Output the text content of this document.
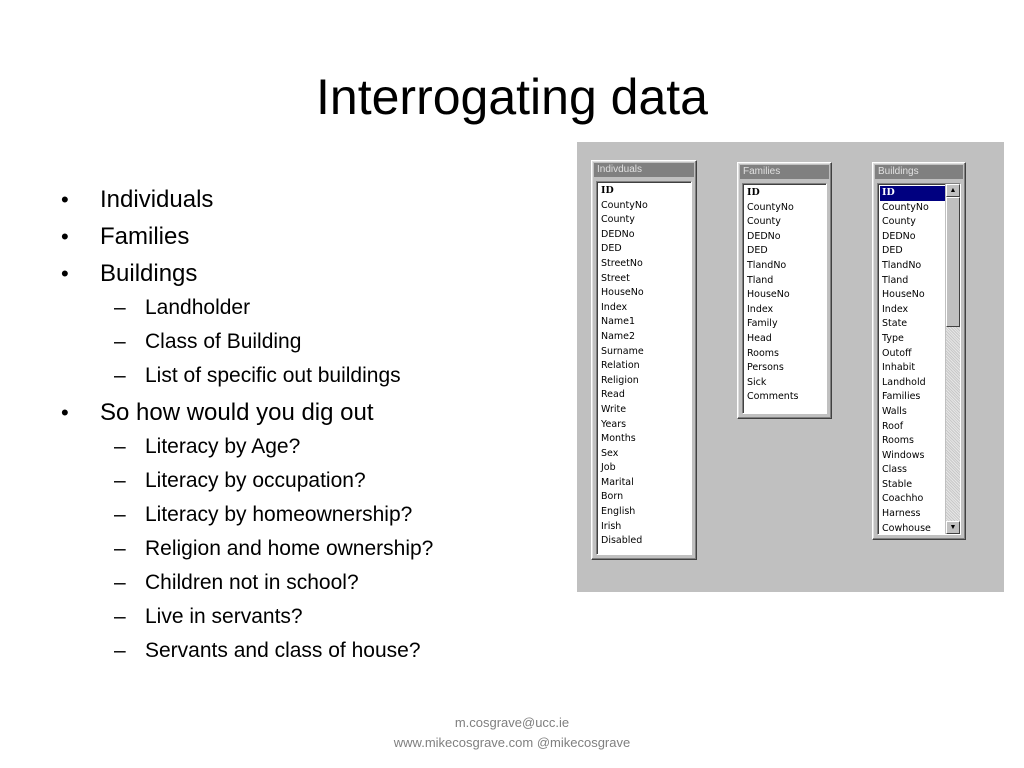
Interrogating data
• Individuals
• Families
• Buildings
– Landholder
– Class of Building
– List of specific out buildings
• So how would you dig out
– Literacy by Age?
– Literacy by occupation?
– Literacy by homeownership?
– Religion and home ownership?
– Children not in school?
– Live in servants?
– Servants and class of house?
Indivduals
ID
CountyNo
County
DEDNo
DED
StreetNo
Street
HouseNo
Index
Name1
Name2
Surname
Relation
Religion
Read
Write
Years
Months
Sex
Job
Marital
Born
English
Irish
Disabled
Families
ID
CountyNo
County
DEDNo
DED
TlandNo
Tland
HouseNo
Index
Family
Head
Rooms
Persons
Sick
Comments
Buildings
ID
CountyNo
County
DEDNo
DED
TlandNo
Tland
HouseNo
Index
State
Type
Outoff
Inhabit
Landhold
Families
Walls
Roof
Rooms
Windows
Class
Stable
Coachho
Harness
Cowhouse
▲
▼
m.cosgrave@ucc.ie
www.mikecosgrave.com @mikecosgrave
